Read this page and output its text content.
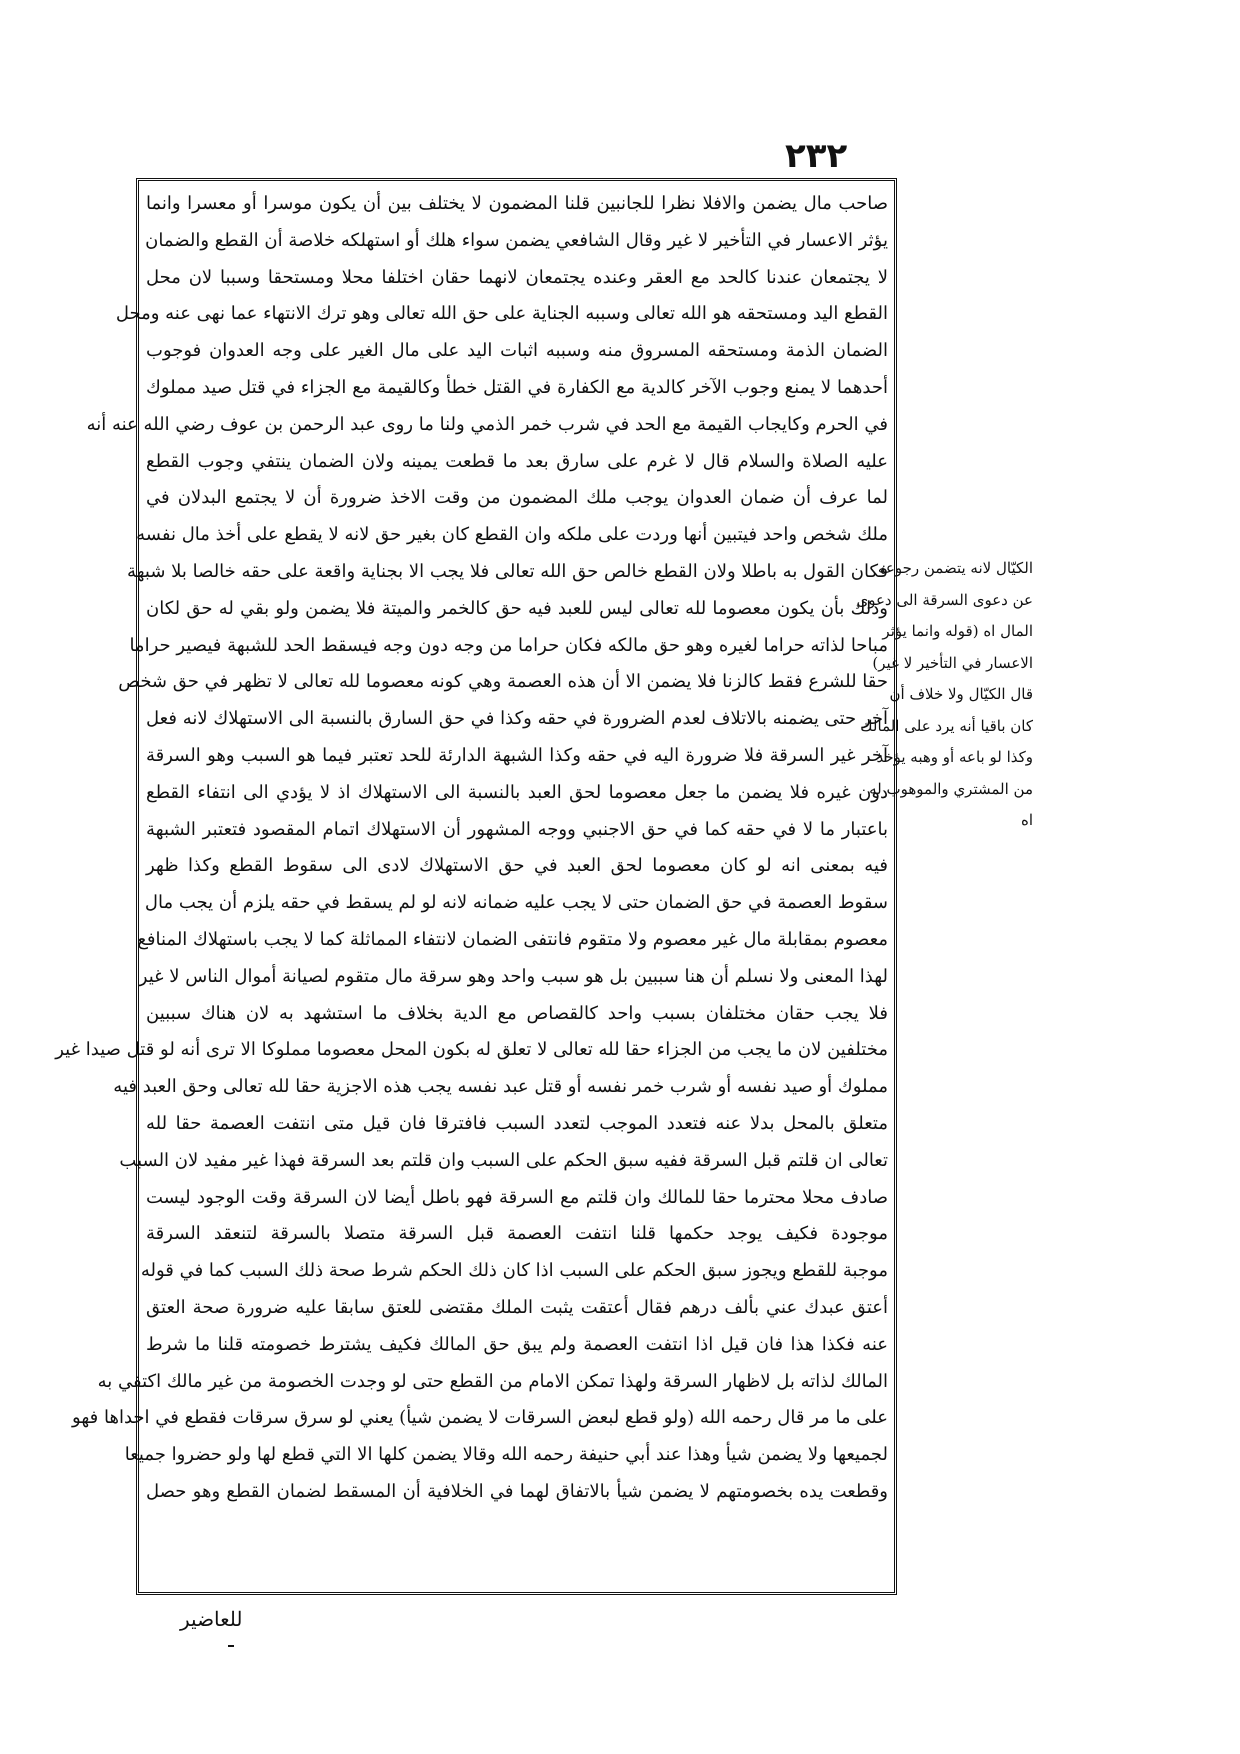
٢٣٢
صاحب مال يضمن والافلا نظرا للجانبين قلنا المضمون لا يختلف بين أن يكون موسرا أو معسرا وانما
يؤثر الاعسار في التأخير لا غير وقال الشافعي يضمن سواء هلك أو استهلكه خلاصة أن القطع والضمان
لا يجتمعان عندنا كالحد مع العقر وعنده يجتمعان لانهما حقان اختلفا محلا ومستحقا وسببا لان محل
القطع اليد ومستحقه هو الله تعالى وسببه الجناية على حق الله تعالى وهو ترك الانتهاء عما نهى عنه ومحل
الضمان الذمة ومستحقه المسروق منه وسببه اثبات اليد على مال الغير على وجه العدوان فوجوب
أحدهما لا يمنع وجوب الآخر كالدية مع الكفارة في القتل خطأ وكالقيمة مع الجزاء في قتل صيد مملوك
في الحرم وكايجاب القيمة مع الحد في شرب خمر الذمي ولنا ما روى عبد الرحمن بن عوف رضي الله عنه أنه
عليه الصلاة والسلام قال لا غرم على سارق بعد ما قطعت يمينه ولان الضمان ينتفي وجوب القطع
لما عرف أن ضمان العدوان يوجب ملك المضمون من وقت الاخذ ضرورة أن لا يجتمع البدلان في
ملك شخص واحد فيتبين أنها وردت على ملكه وان القطع كان بغير حق لانه لا يقطع على أخذ مال نفسه
فكان القول به باطلا ولان القطع خالص حق الله تعالى فلا يجب الا بجناية واقعة على حقه خالصا بلا شبهة
وذلك بأن يكون معصوما لله تعالى ليس للعبد فيه حق كالخمر والميتة فلا يضمن ولو بقي له حق لكان
مباحا لذاته حراما لغيره وهو حق مالكه فكان حراما من وجه دون وجه فيسقط الحد للشبهة فيصير حراما
حقا للشرع فقط كالزنا فلا يضمن الا أن هذه العصمة وهي كونه معصوما لله تعالى لا تظهر في حق شخص
آخر حتى يضمنه بالاتلاف لعدم الضرورة في حقه وكذا في حق السارق بالنسبة الى الاستهلاك لانه فعل
آخر غير السرقة فلا ضرورة اليه في حقه وكذا الشبهة الدارئة للحد تعتبر فيما هو السبب وهو السرقة
دون غيره فلا يضمن ما جعل معصوما لحق العبد بالنسبة الى الاستهلاك اذ لا يؤدي الى انتفاء القطع
باعتبار ما لا في حقه كما في حق الاجنبي ووجه المشهور أن الاستهلاك اتمام المقصود فتعتبر الشبهة
فيه بمعنى انه لو كان معصوما لحق العبد في حق الاستهلاك لادى الى سقوط القطع وكذا ظهر
سقوط العصمة في حق الضمان حتى لا يجب عليه ضمانه لانه لو لم يسقط في حقه يلزم أن يجب مال
معصوم بمقابلة مال غير معصوم ولا متقوم فانتفى الضمان لانتفاء المماثلة كما لا يجب باستهلاك المنافع
لهذا المعنى ولا نسلم أن هنا سببين بل هو سبب واحد وهو سرقة مال متقوم لصيانة أموال الناس لا غير
فلا يجب حقان مختلفان بسبب واحد كالقصاص مع الدية بخلاف ما استشهد به لان هناك سببين
مختلفين لان ما يجب من الجزاء حقا لله تعالى لا تعلق له بكون المحل معصوما مملوكا الا ترى أنه لو قتل صيدا غير
مملوك أو صيد نفسه أو شرب خمر نفسه أو قتل عبد نفسه يجب هذه الاجزية حقا لله تعالى وحق العبد فيه
متعلق بالمحل بدلا عنه فتعدد الموجب لتعدد السبب فافترقا فان قيل متى انتفت العصمة حقا لله
تعالى ان قلتم قبل السرقة ففيه سبق الحكم على السبب وان قلتم بعد السرقة فهذا غير مفيد لان السبب
صادف محلا محترما حقا للمالك وان قلتم مع السرقة فهو باطل أيضا لان السرقة وقت الوجود ليست
موجودة فكيف يوجد حكمها قلنا انتفت العصمة قبل السرقة متصلا بالسرقة لتنعقد السرقة
موجبة للقطع ويجوز سبق الحكم على السبب اذا كان ذلك الحكم شرط صحة ذلك السبب كما في قوله
أعتق عبدك عني بألف درهم فقال أعتقت يثبت الملك مقتضى للعتق سابقا عليه ضرورة صحة العتق
عنه فكذا هذا فان قيل اذا انتفت العصمة ولم يبق حق المالك فكيف يشترط خصومته قلنا ما شرط
المالك لذاته بل لاظهار السرقة ولهذا تمكن الامام من القطع حتى لو وجدت الخصومة من غير مالك اكتفي به
على ما مر قال رحمه الله (ولو قطع لبعض السرقات لا يضمن شيأ) يعني لو سرق سرقات فقطع في احداها فهو
لجميعها ولا يضمن شيأ وهذا عند أبي حنيفة رحمه الله وقالا يضمن كلها الا التي قطع لها ولو حضروا جميعا
وقطعت يده بخصومتهم لا يضمن شيأ بالاتفاق لهما في الخلافية أن المسقط لضمان القطع وهو حصل
الكيّال لانه يتضمن رجوعه
عن دعوى السرقة الى دعوى
المال اه (قوله وانما يؤثر
الاعسار في التأخير لا غير)
قال الكيّال ولا خلاف أن
كان باقيا أنه يرد على المالك
وكذا لو باعه أو وهبه يؤخذ
من المشتري والموهوب له
اه
للعاضير
